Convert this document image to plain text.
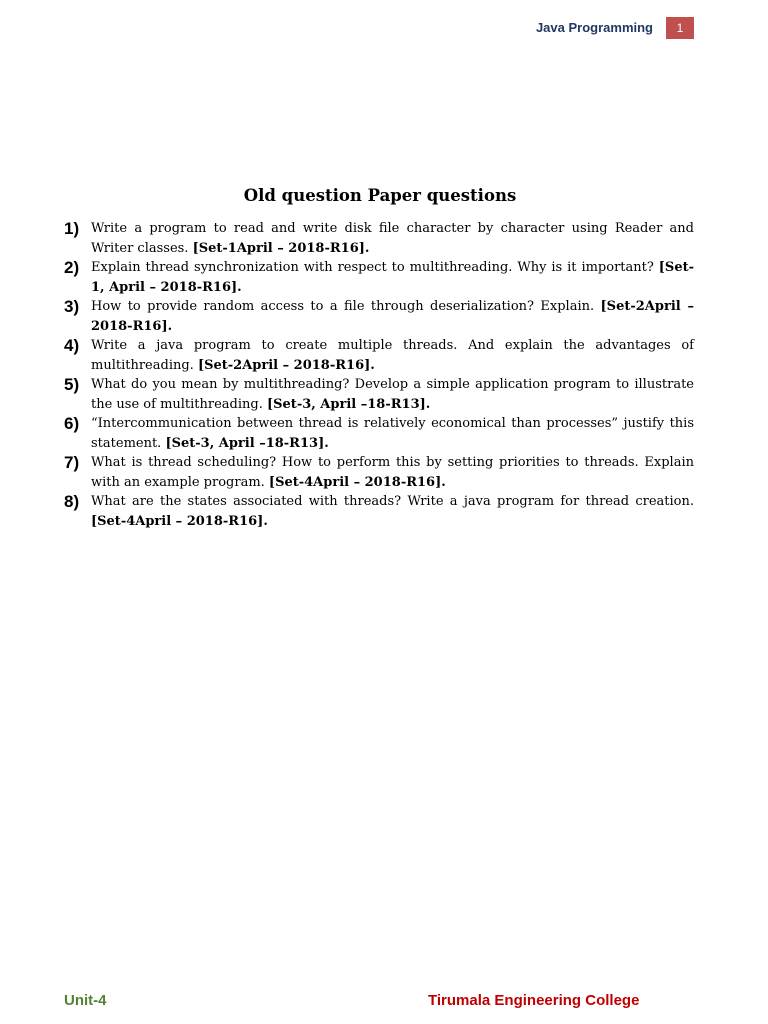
Java Programming	1
Old question Paper questions
1) Write a program to read and write disk file character by character using Reader and Writer classes. [Set-1April – 2018-R16].
2) Explain thread synchronization with respect to multithreading. Why is it important? [Set-1, April – 2018-R16].
3) How to provide random access to a file through deserialization? Explain. [Set-2April – 2018-R16].
4) Write a java program to create multiple threads. And explain the advantages of multithreading. [Set-2April – 2018-R16].
5) What do you mean by multithreading? Develop a simple application program to illustrate the use of multithreading. [Set-3, April –18-R13].
6) “Intercommunication between thread is relatively economical than processes” justify this statement. [Set-3, April –18-R13].
7) What is thread scheduling? How to perform this by setting priorities to threads. Explain with an example program. [Set-4April – 2018-R16].
8) What are the states associated with threads? Write a java program for thread creation. [Set-4April – 2018-R16].
Unit-4	Tirumala Engineering College
